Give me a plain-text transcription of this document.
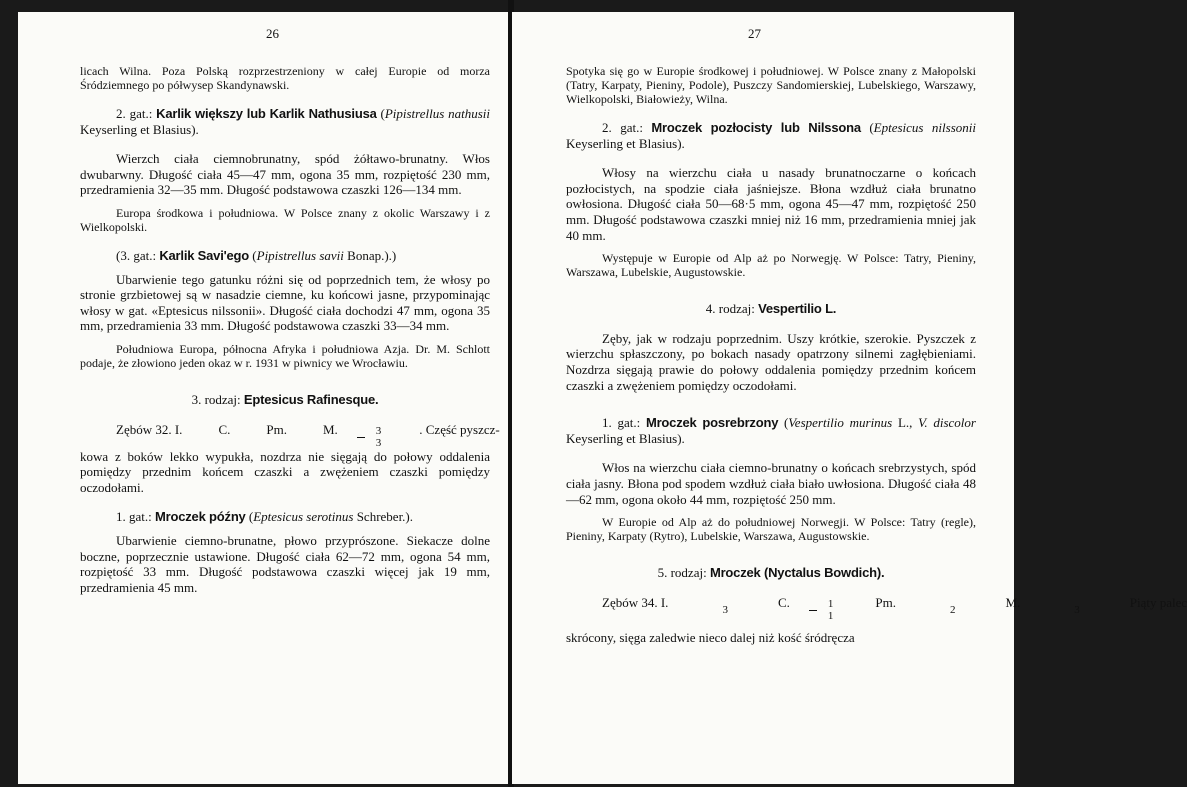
26

licach Wilna. Poza Polską rozprzestrzeniony w całej Europie od morza Śródziemnego po półwysep Skandynawski.

2. gat.: Karlik większy lub Karlik Nathusiusa (Pipistrellus nathusii Keyserling et Blasius).

Wierzch ciała ciemnobrunatny, spód żółtawo-brunatny. Włos dwubarwny. Długość ciała 45—47 mm, ogona 35 mm, rozpiętość 230 mm, przedramienia 32—35 mm. Długość podstawowa czaszki 126—134 mm.

Europa środkowa i południowa. W Polsce znany z okolic Warszawy i z Wielkopolski.

(3. gat.: Karlik Savi'ego (Pipistrellus savii Bonap.).)

Ubarwienie tego gatunku różni się od poprzednich tem, że włosy po stronie grzbietowej są w nasadzie ciemne, ku końcowi jasne, przypominając włosy w gat. «Eptesicus nilssonii». Długość ciała dochodzi 47 mm, ogona 35 mm, przedramienia 33 mm. Długość podstawowa czaszki 33—34 mm.

Południowa Europa, północna Afryka i południowa Azja. Dr. M. Schlott podaje, że złowiono jeden okaz w r. 1931 w piwnicy we Wrocławiu.

3. rodzaj: Eptesicus Rafinesque.

Zębów 32. I.	C.	Pm.	M. $\frac{3}{3}$	. Część pyszcz-

kowa z boków lekko wypukła, nozdrza nie sięgają do połowy oddalenia pomiędzy przednim końcem czaszki a zwężeniem czaszki pomiędzy oczodołami.

1. gat.: Mroczek późny (Eptesicus serotinus Schreber.).

Ubarwienie ciemno-brunatne, płowo przyprószone. Siekacze dolne boczne, poprzecznie ustawione. Długość ciała 62—72 mm, ogona 54 mm, rozpiętość 33 mm. Długość podstawowa czaszki więcej jak 19 mm, przedramienia 45 mm.

27

Spotyka się go w Europie środkowej i południowej. W Polsce znany z Małopolski (Tatry, Karpaty, Pieniny, Podole), Puszczy Sandomierskiej, Lubelskiego, Warszawy, Wielkopolski, Białowieży, Wilna.

2. gat.: Mroczek pozłocisty lub Nilssona (Eptesicus nilssonii Keyserling et Blasius).

Włosy na wierzchu ciała u nasady brunatnoczarne o końcach pozłocistych, na spodzie ciała jaśniejsze. Błona wzdłuż ciała brunatno owłosiona. Długość ciała 50—68·5 mm, ogona 45—47 mm, rozpiętość 250 mm. Długość podstawowa czaszki mniej niż 16 mm, przedramienia mniej jak 40 mm.

Występuje w Europie od Alp aż po Norwegję. W Polsce: Tatry, Pieniny, Warszawa, Lubelskie, Augustowskie.

4. rodzaj: Vespertilio L.

Zęby, jak w rodzaju poprzednim. Uszy krótkie, szerokie. Pyszczek z wierzchu spłaszczony, po bokach nasady opatrzony silnemi zagłębieniami. Nozdrza sięgają prawie do połowy oddalenia pomiędzy przednim końcem czaszki a zwężeniem pomiędzy oczodołami.

1. gat.: Mroczek posrebrzony (Vespertilio murinus L., V. discolor Keyserling et Blasius).

Włos na wierzchu ciała ciemno-brunatny o końcach srebrzystych, spód ciała jasny. Błona pod spodem wzdłuż ciała biało uwłosiona. Długość ciała 48—62 mm, ogona około 44 mm, rozpiętość 250 mm.

W Europie od Alp aż do południowej Norwegji. W Polsce: Tatry (regle), Pieniny, Karpaty (Rytro), Lubelskie, Warszawa, Augustowskie.

5. rodzaj: Mroczek (Nyctalus Bowdich).

Zębów 34. I.	3	C. $\frac{1}{1}$	Pm.	2	M.	3	Piąty palec

skrócony, sięga zaledwie nieco dalej niż kość śródręcza
